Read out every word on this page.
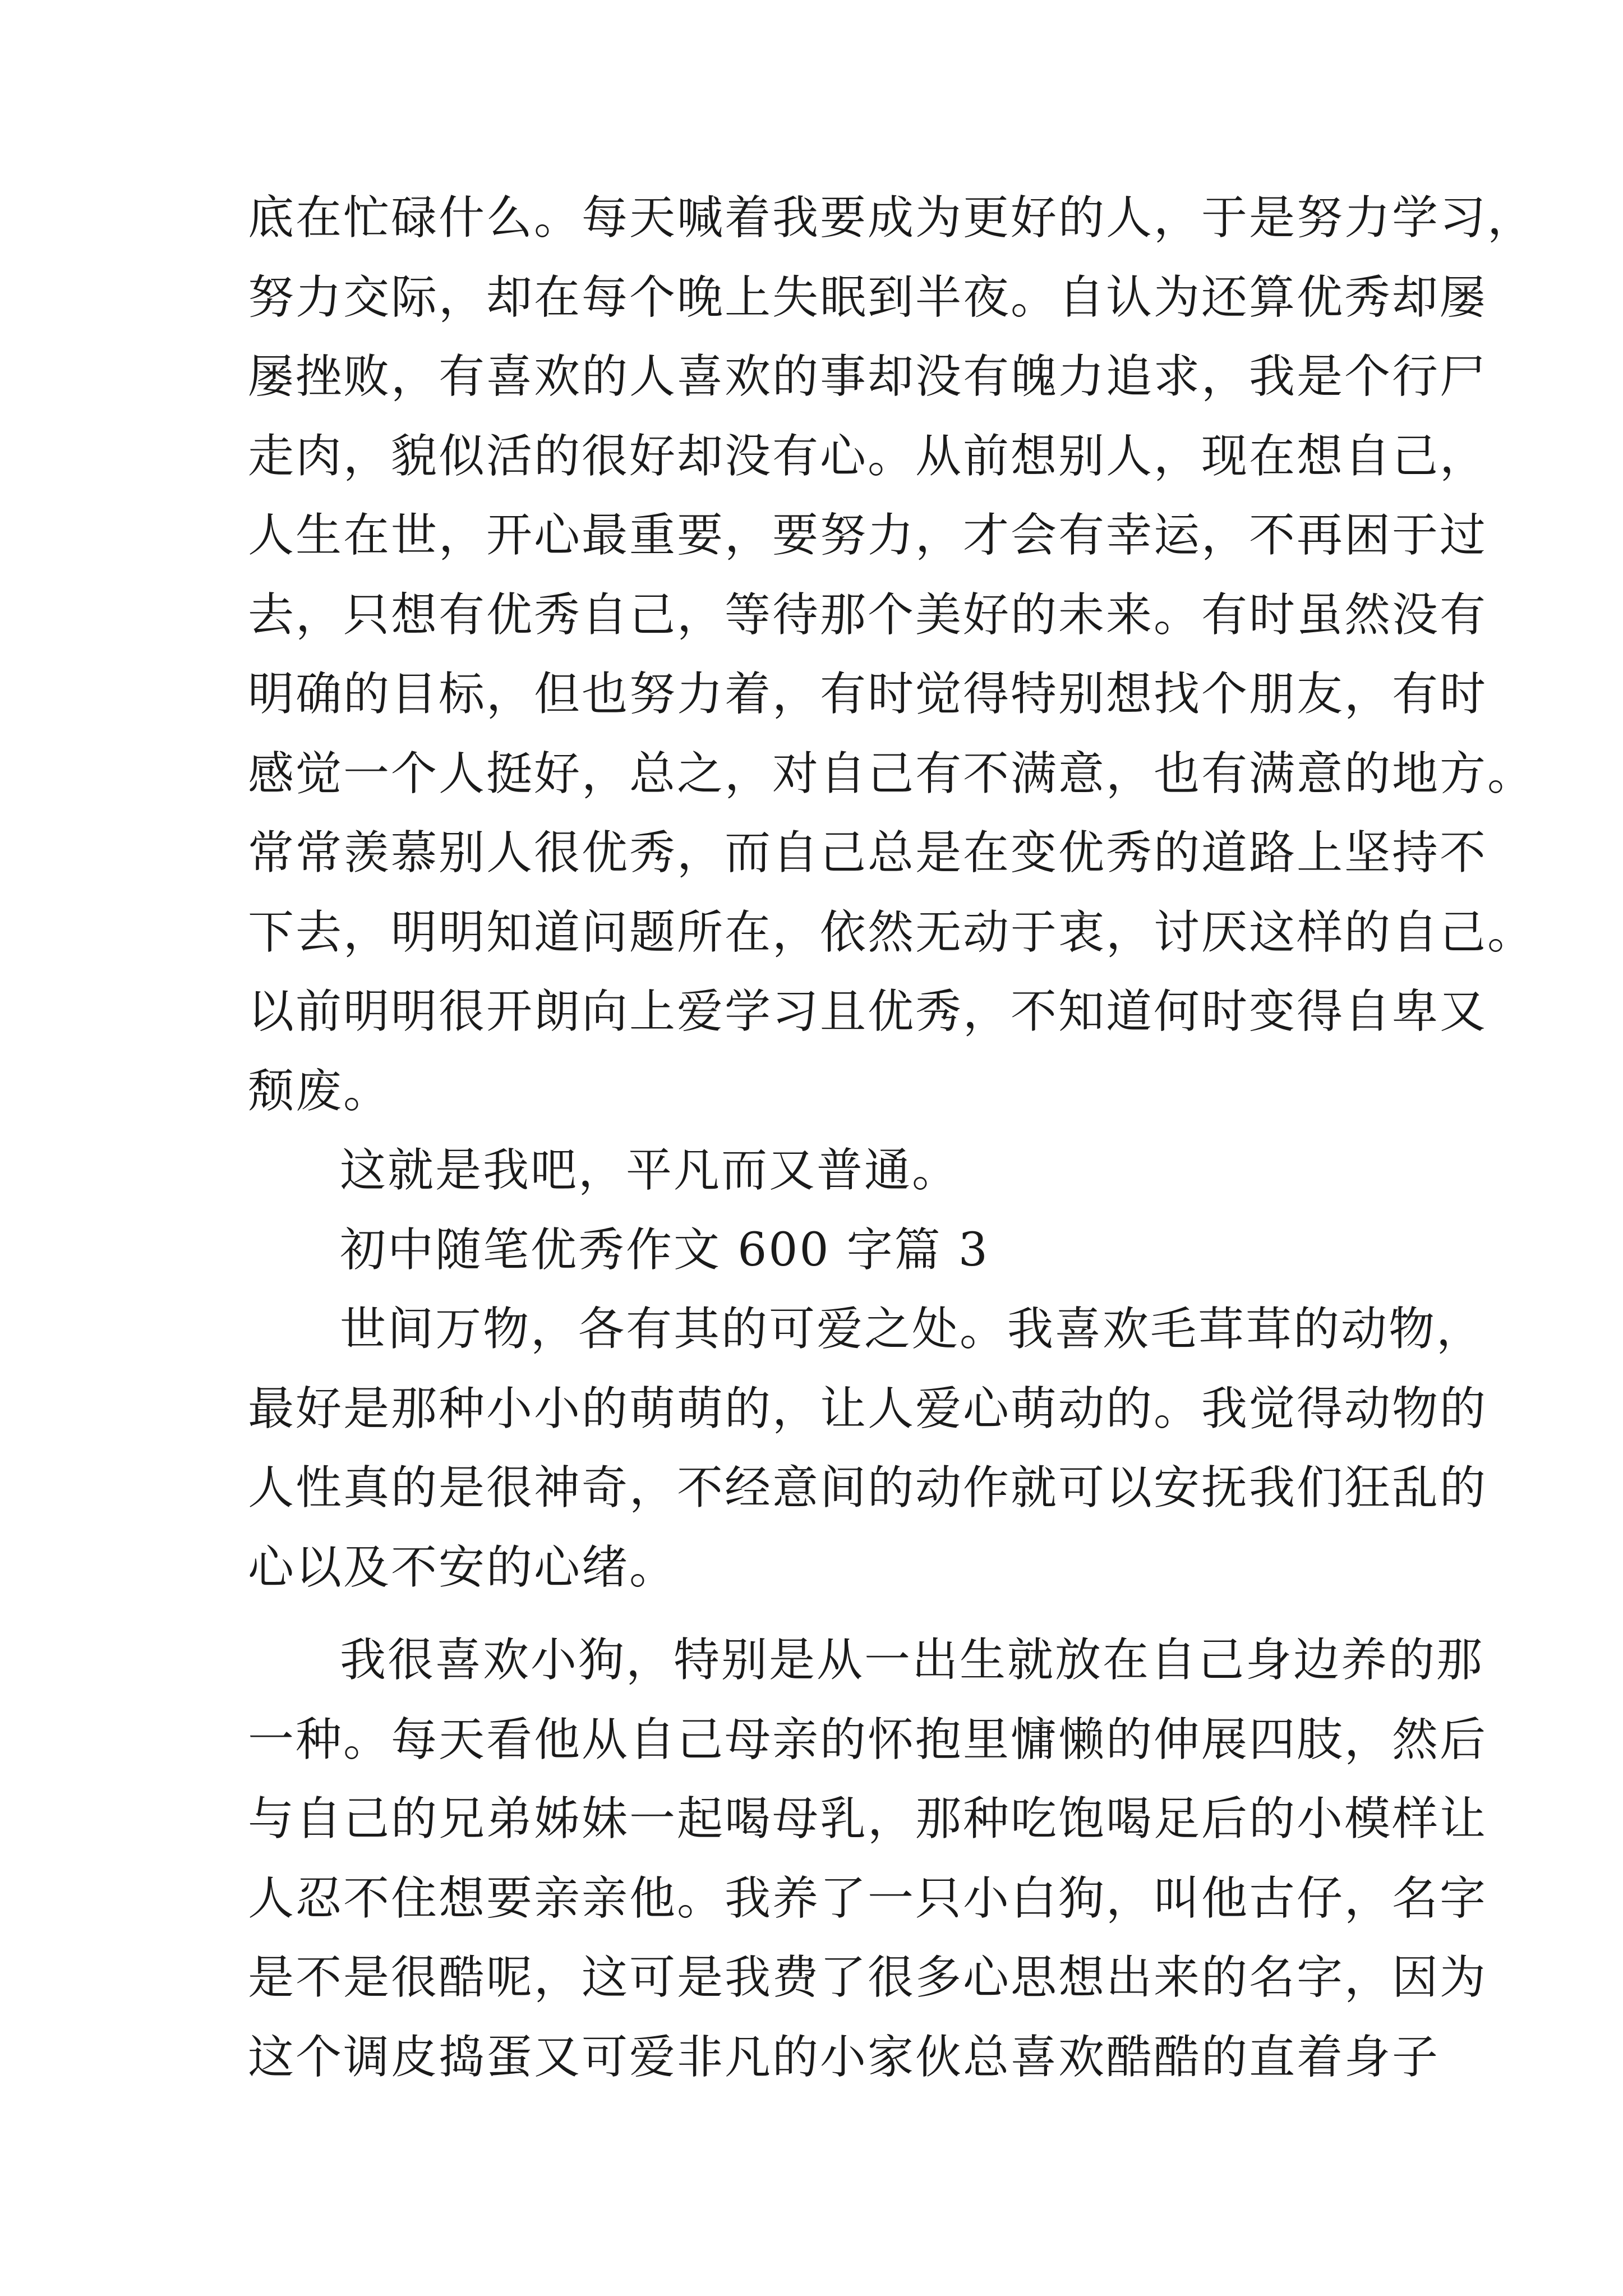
底在忙碌什么。每天喊着我要成为更好的人，于是努力学习，
努力交际，却在每个晚上失眠到半夜。自认为还算优秀却屡
屡挫败，有喜欢的人喜欢的事却没有魄力追求，我是个行尸
走肉，貌似活的很好却没有心。从前想别人，现在想自己，
人生在世，开心最重要，要努力，才会有幸运，不再困于过
去，只想有优秀自己，等待那个美好的未来。有时虽然没有
明确的目标，但也努力着，有时觉得特别想找个朋友，有时
感觉一个人挺好，总之，对自己有不满意，也有满意的地方。
常常羡慕别人很优秀，而自己总是在变优秀的道路上坚持不
下去，明明知道问题所在，依然无动于衷，讨厌这样的自己。
以前明明很开朗向上爱学习且优秀，不知道何时变得自卑又
颓废。

这就是我吧，平凡而又普通。

初中随笔优秀作文 600 字篇 3

世间万物，各有其的可爱之处。我喜欢毛茸茸的动物，
最好是那种小小的萌萌的，让人爱心萌动的。我觉得动物的
人性真的是很神奇，不经意间的动作就可以安抚我们狂乱的
心以及不安的心绪。

我很喜欢小狗，特别是从一出生就放在自己身边养的那
一种。每天看他从自己母亲的怀抱里慵懒的伸展四肢，然后
与自己的兄弟姊妹一起喝母乳，那种吃饱喝足后的小模样让
人忍不住想要亲亲他。我养了一只小白狗，叫他古仔，名字
是不是很酷呢，这可是我费了很多心思想出来的名字，因为
这个调皮捣蛋又可爱非凡的小家伙总喜欢酷酷的直着身子
